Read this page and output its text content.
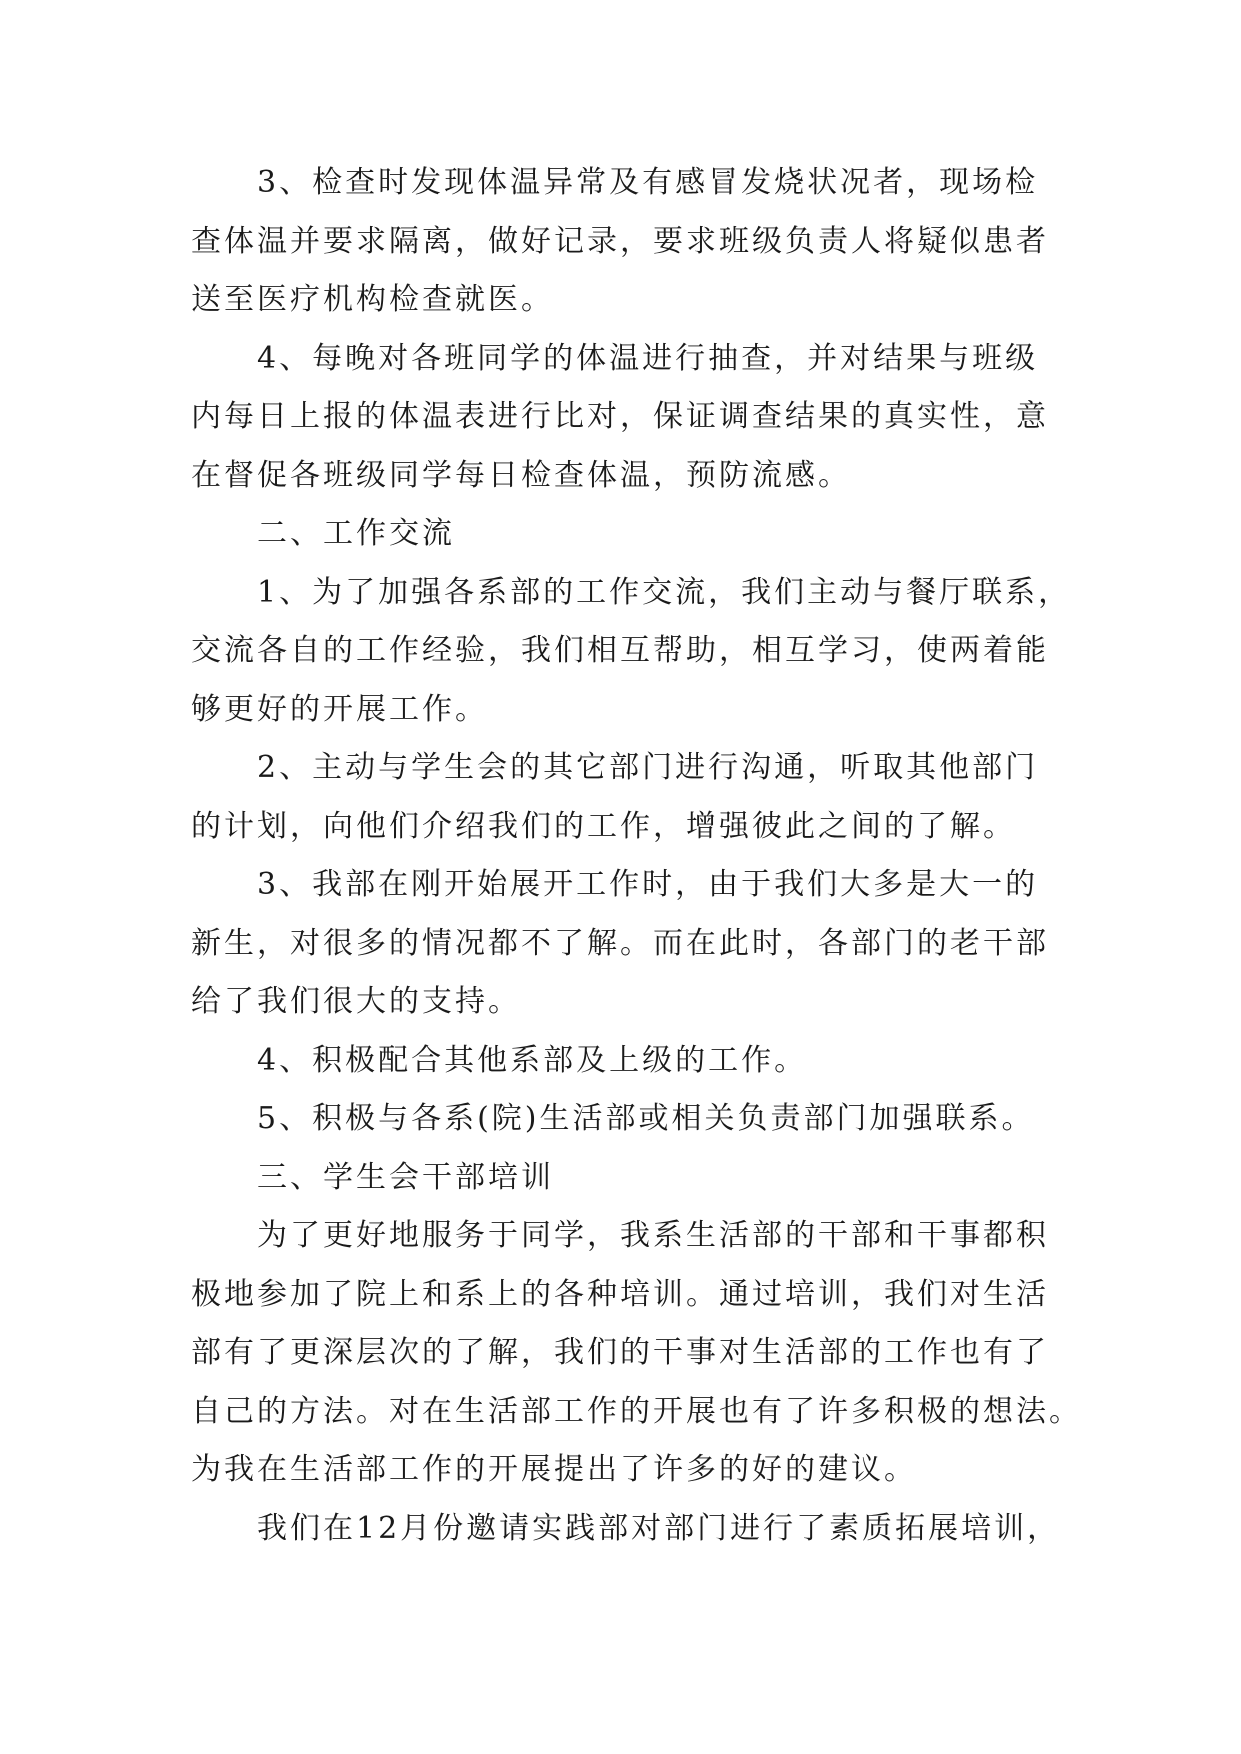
3、检查时发现体温异常及有感冒发烧状况者，现场检
查体温并要求隔离，做好记录，要求班级负责人将疑似患者
送至医疗机构检查就医。

4、每晚对各班同学的体温进行抽查，并对结果与班级
内每日上报的体温表进行比对，保证调查结果的真实性，意
在督促各班级同学每日检查体温，预防流感。

二、工作交流

1、为了加强各系部的工作交流，我们主动与餐厅联系，
交流各自的工作经验，我们相互帮助，相互学习，使两着能
够更好的开展工作。

2、主动与学生会的其它部门进行沟通，听取其他部门
的计划，向他们介绍我们的工作，增强彼此之间的了解。

3、我部在刚开始展开工作时，由于我们大多是大一的
新生，对很多的情况都不了解。而在此时，各部门的老干部
给了我们很大的支持。

4、积极配合其他系部及上级的工作。

5、积极与各系(院)生活部或相关负责部门加强联系。

三、学生会干部培训

为了更好地服务于同学，我系生活部的干部和干事都积
极地参加了院上和系上的各种培训。通过培训，我们对生活
部有了更深层次的了解，我们的干事对生活部的工作也有了
自己的方法。对在生活部工作的开展也有了许多积极的想法。
为我在生活部工作的开展提出了许多的好的建议。

我们在12月份邀请实践部对部门进行了素质拓展培训，
